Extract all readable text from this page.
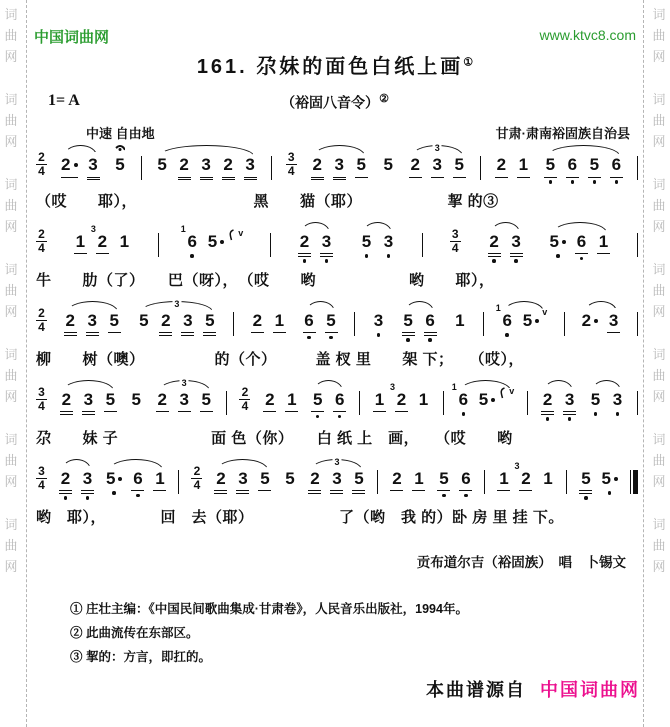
词
曲
网
词
曲
网
词
曲
网
词
曲
网
词
曲
网
词
曲
网
词
曲
网
词
曲
网
词
曲
网
词
曲
网
词
曲
网
词
曲
网
词
曲
网
词
曲
网
中国词曲网	www.ktvc8.com
161. 尕妹的面色白纸上画①
1= A	（裕固八音令）②
中速 自由地	甘肃·肃南裕固族自治县
2
4 2 3 5 5 2 3 2 3	3
4 2 3 5 5
3
2 3 5 2 1 5 6 5 6
（哎　　耶），　　　　　　　　黑　　猫（耶）　　　　　　挈 的③
2
4 1
3
2 1
1
6 5 v	2 3 5 3	3
4 2 3 5 6 1
牛　　肋（了）　　巴（呀），　（哎　　哟　　　　　　哟　　耶），
2
4 2 3 5
3
5 2 3 5 2 1 6 5 3 5 6 1
1
6 5 v 2 3
柳　　树（噢）　　　　　的（个）　　　盖 杈 里　　架 下；　　（哎），
3
4 2 3 5 5
3
2 3 5	2
4 2 1 5 6 1
3
2 1
1
6 5 v 2 3 5 3
尕　　妹 子　　　　　　面 色（你）　　白 纸 上　画，　　（哎　　哟
3
4 2 3 5 6 1 2
4 2 3 5 5
3
2 3 5 2 1 5 6 1
3
2 1 5 5
哟　耶），　　　　回　去（耶）　　　　　　了（哟　我 的）卧 房 里 挂 下。
贡布道尔吉（裕固族）　唱　卜锡文
① 庄壮主编：《中国民间歌曲集成·甘肃卷》，人民音乐出版社，1994年。
② 此曲流传在东部区。
③ 挈的：方言，即扛的。
本曲谱源自 中国词曲网
